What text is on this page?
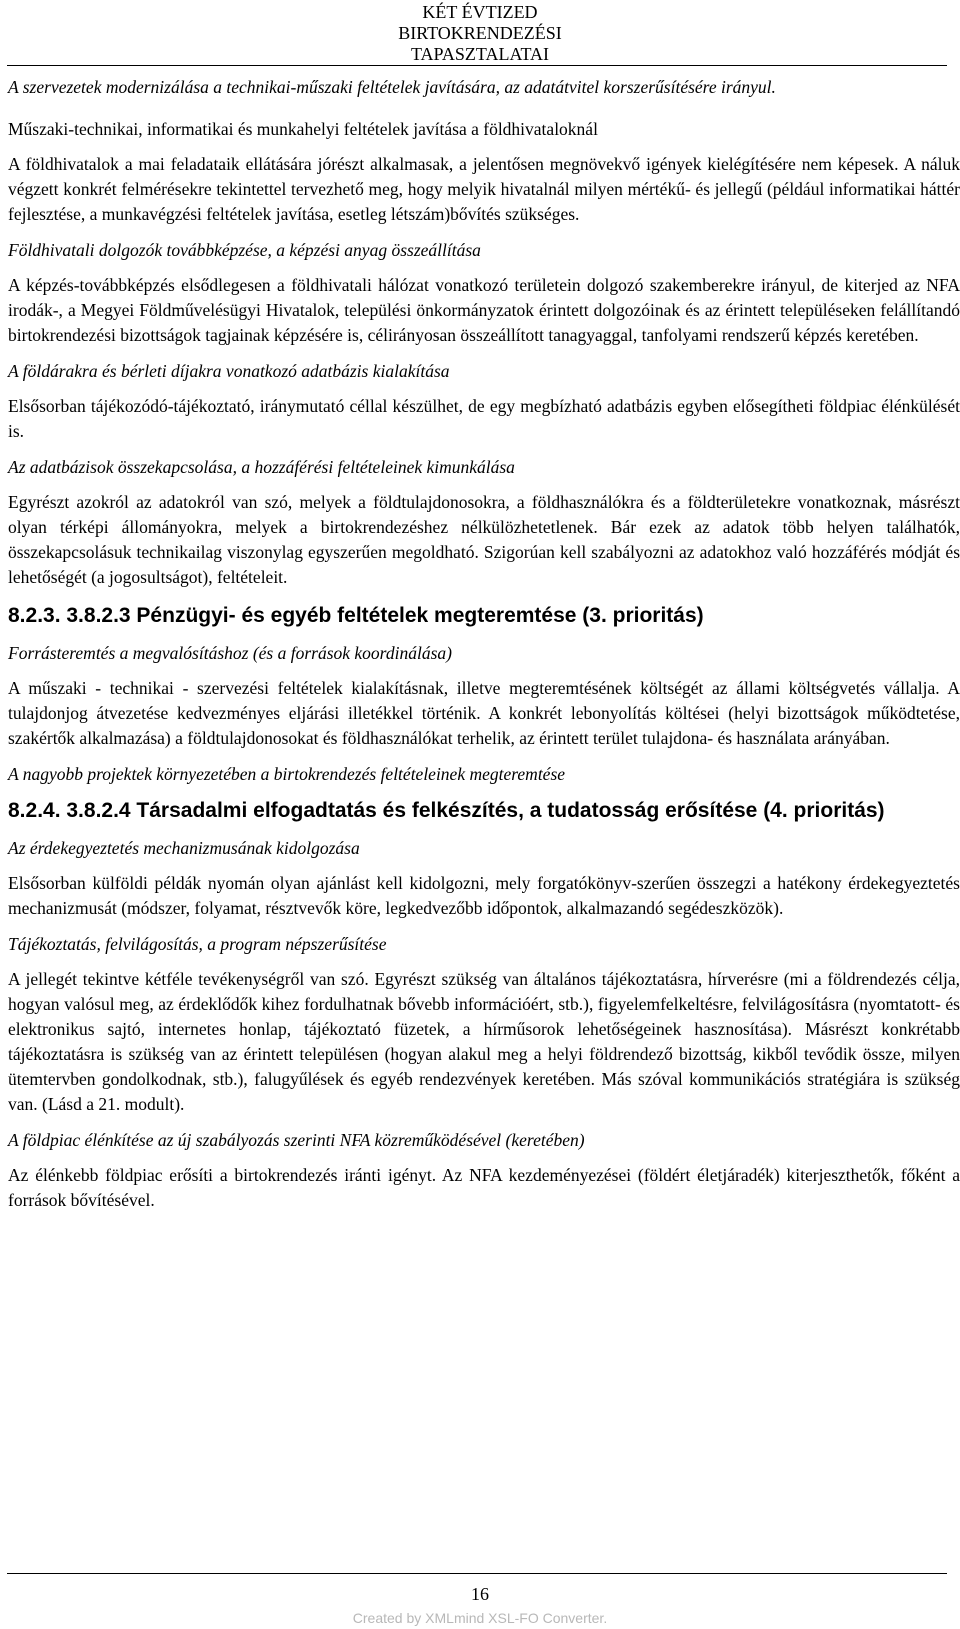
KÉT ÉVTIZED
BIRTOKRENDEZÉSI
TAPASZTALATAI

A szervezetek modernizálása a technikai-műszaki feltételek javítására, az adatátvitel korszerűsítésére irányul.

Műszaki-technikai, informatikai és munkahelyi feltételek javítása a földhivataloknál

A földhivatalok a mai feladataik ellátására jórészt alkalmasak, a jelentősen megnövekvő igények kielégítésére nem képesek. A náluk végzett konkrét felmérésekre tekintettel tervezhető meg, hogy melyik hivatalnál milyen mértékű- és jellegű (például informatikai háttér fejlesztése, a munkavégzési feltételek javítása, esetleg létszám)bővítés szükséges.

Földhivatali dolgozók továbbképzése, a képzési anyag összeállítása

A képzés-továbbképzés elsődlegesen a földhivatali hálózat vonatkozó területein dolgozó szakemberekre irányul, de kiterjed az NFA irodák-, a Megyei Földművelésügyi Hivatalok, települési önkormányzatok érintett dolgozóinak és az érintett településeken felállítandó birtokrendezési bizottságok tagjainak képzésére is, célirányosan összeállított tanagyaggal, tanfolyami rendszerű képzés keretében.

A földárakra és bérleti díjakra vonatkozó adatbázis kialakítása

Elsősorban tájékozódó-tájékoztató, iránymutató céllal készülhet, de egy megbízható adatbázis egyben elősegítheti földpiac élénkülését is.

Az adatbázisok összekapcsolása, a hozzáférési feltételeinek kimunkálása

Egyrészt azokról az adatokról van szó, melyek a földtulajdonosokra, a földhasználókra és a földterületekre vonatkoznak, másrészt olyan térképi állományokra, melyek a birtokrendezéshez nélkülözhetetlenek. Bár ezek az adatok több helyen találhatók, összekapcsolásuk technikailag viszonylag egyszerűen megoldható. Szigorúan kell szabályozni az adatokhoz való hozzáférés módját és lehetőségét (a jogosultságot), feltételeit.

8.2.3. 3.8.2.3 Pénzügyi- és egyéb feltételek megteremtése (3. prioritás)

Forrásteremtés a megvalósításhoz (és a források koordinálása)

A műszaki - technikai - szervezési feltételek kialakításnak, illetve megteremtésének költségét az állami költségvetés vállalja. A tulajdonjog átvezetése kedvezményes eljárási illetékkel történik. A konkrét lebonyolítás költései (helyi bizottságok működtetése, szakértők alkalmazása) a földtulajdonosokat és földhasználókat terhelik, az érintett terület tulajdona- és használata arányában.

A nagyobb projektek környezetében a birtokrendezés feltételeinek megteremtése

8.2.4. 3.8.2.4 Társadalmi elfogadtatás és felkészítés, a tudatosság erősítése (4. prioritás)

Az érdekegyeztetés mechanizmusának kidolgozása

Elsősorban külföldi példák nyomán olyan ajánlást kell kidolgozni, mely forgatókönyv-szerűen összegzi a hatékony érdekegyeztetés mechanizmusát (módszer, folyamat, résztvevők köre, legkedvezőbb időpontok, alkalmazandó segédeszközök).

Tájékoztatás, felvilágosítás, a program népszerűsítése

A jellegét tekintve kétféle tevékenységről van szó. Egyrészt szükség van általános tájékoztatásra, hírverésre (mi a földrendezés célja, hogyan valósul meg, az érdeklődők kihez fordulhatnak bővebb információért, stb.), figyelemfelkeltésre, felvilágosításra (nyomtatott- és elektronikus sajtó, internetes honlap, tájékoztató füzetek, a hírműsorok lehetőségeinek hasznosítása). Másrészt konkrétabb tájékoztatásra is szükség van az érintett településen (hogyan alakul meg a helyi földrendező bizottság, kikből tevődik össze, milyen ütemtervben gondolkodnak, stb.), falugyűlések és egyéb rendezvények keretében. Más szóval kommunikációs stratégiára is szükség van. (Lásd a 21. modult).

A földpiac élénkítése az új szabályozás szerinti NFA közreműködésével (keretében)

Az élénkebb földpiac erősíti a birtokrendezés iránti igényt. Az NFA kezdeményezései (földért életjáradék) kiterjeszthetők, főként a források bővítésével.

16
Created by XMLmind XSL-FO Converter.
